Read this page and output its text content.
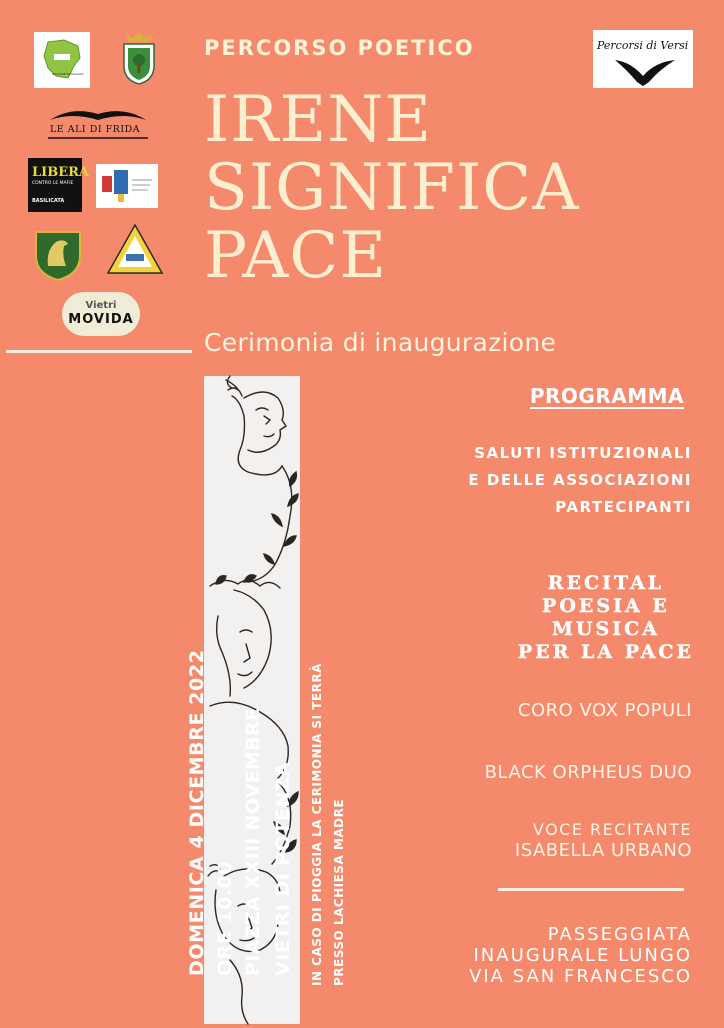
REGIONE BASILICATA
Percorsi di Versi
LE ALI DI FRIDA
LIBERA
CONTRO LE MAFIE
BASILICATA
Vietri
MOVIDA
PERCORSO POETICO
IRENE
SIGNIFICA
PACE
Cerimonia di inaugurazione
PROGRAMMA
SALUTI ISTITUZIONALI
E DELLE ASSOCIAZIONI
PARTECIPANTI
RECITAL
POESIA E
MUSICA
PER LA PACE
CORO VOX POPULI
BLACK ORPHEUS DUO
VOCE RECITANTE
ISABELLA URBANO
PASSEGGIATA
INAUGURALE LUNGO
VIA SAN FRANCESCO
DOMENICA 4 DICEMBRE 2022 ORE 10.00 PIAZZA XXIII NOVEMBRE VIETRI DI POTENZA IN CASO DI PIOGGIA LA CERIMONIA SI TERRÀ PRESSO LACHIESA MADRE
